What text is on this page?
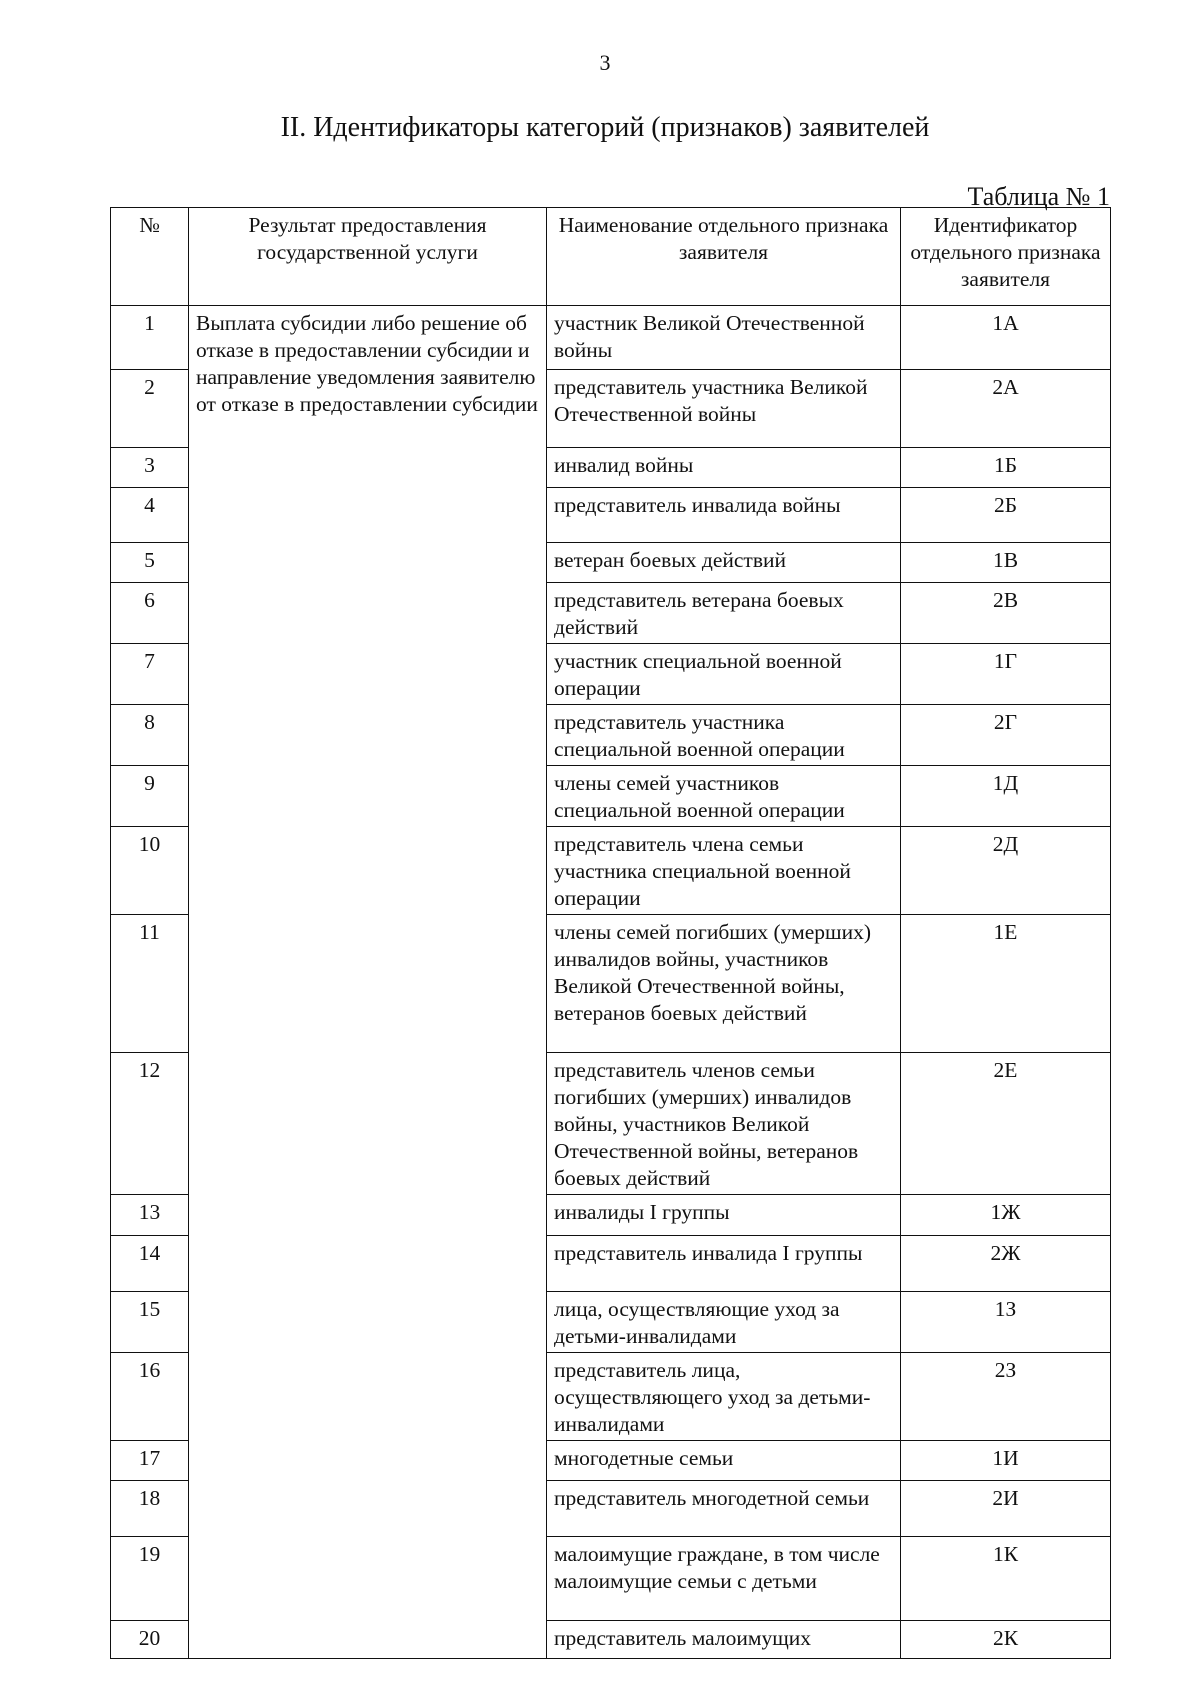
3
II. Идентификаторы категорий (признаков) заявителей
Таблица № 1
№	Результат предоставления государственной услуги	Наименование отдельного признака заявителя	Идентификатор отдельного признака заявителя
1	Выплата субсидии либо решение об отказе в предоставлении субсидии и направление уведомления заявителю от отказе в предоставлении субсидии	участник Великой Отечественной войны	1А
2		представитель участника Великой Отечественной войны	2А
3		инвалид войны	1Б
4		представитель инвалида войны	2Б
5		ветеран боевых действий	1В
6		представитель ветерана боевых действий	2В
7		участник специальной военной операции	1Г
8		представитель участника специальной военной операции	2Г
9		члены семей участников специальной военной операции	1Д
10		представитель члена семьи участника специальной военной операции	2Д
11		члены семей погибших (умерших) инвалидов войны, участников Великой Отечественной войны, ветеранов боевых действий	1Е
12		представитель членов семьи погибших (умерших) инвалидов войны, участников Великой Отечественной войны, ветеранов боевых действий	2Е
13		инвалиды I группы	1Ж
14		представитель инвалида I группы	2Ж
15		лица, осуществляющие уход за детьми-инвалидами	1З
16		представитель лица, осуществляющего уход за детьми-инвалидами	2З
17		многодетные семьи	1И
18		представитель многодетной семьи	2И
19		малоимущие граждане, в том числе малоимущие семьи с детьми	1К
20		представитель малоимущих	2К
